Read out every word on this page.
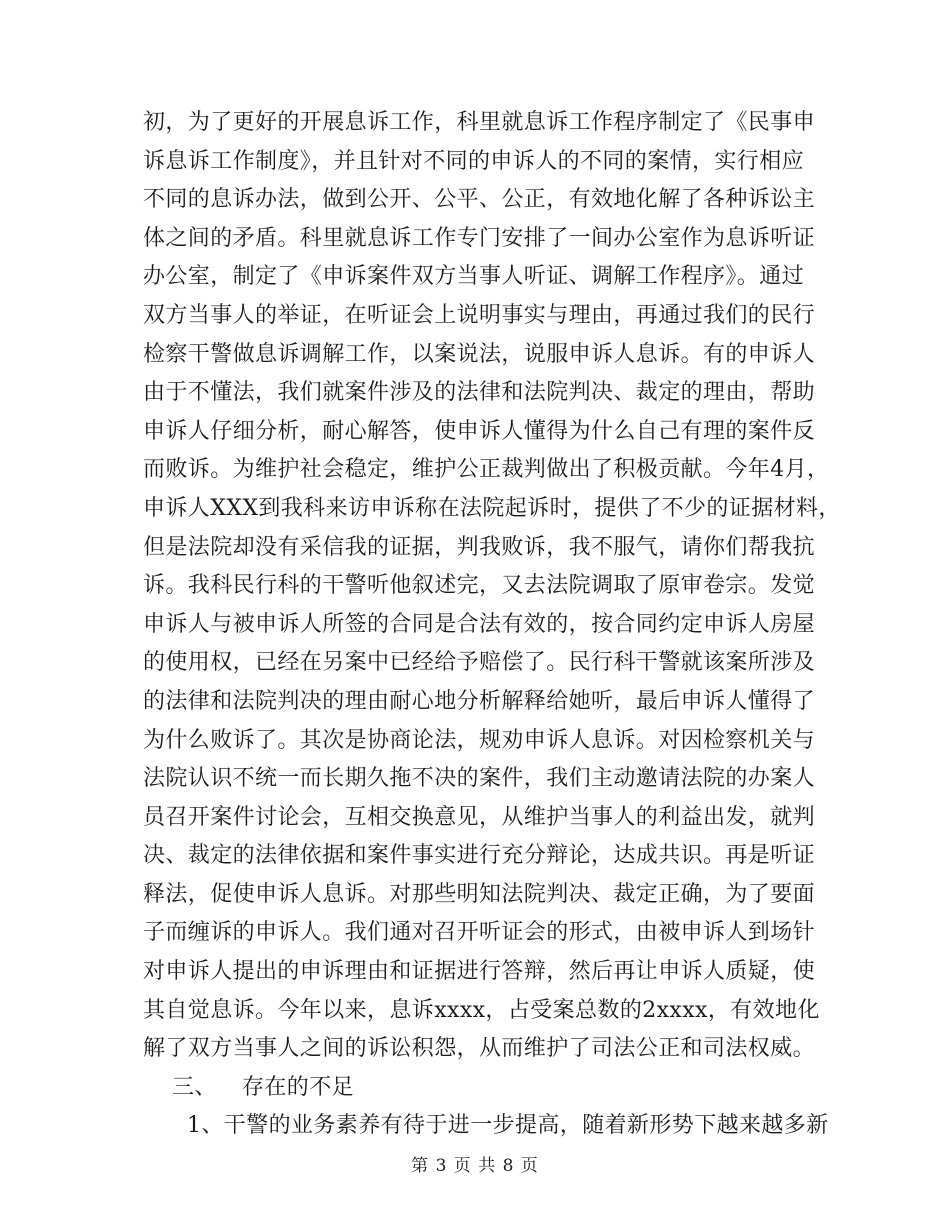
初，为了更好的开展息诉工作，科里就息诉工作程序制定了《民事申
诉息诉工作制度》，并且针对不同的申诉人的不同的案情，实行相应
不同的息诉办法，做到公开、公平、公正，有效地化解了各种诉讼主
体之间的矛盾。科里就息诉工作专门安排了一间办公室作为息诉听证
办公室，制定了《申诉案件双方当事人听证、调解工作程序》。通过
双方当事人的举证，在听证会上说明事实与理由，再通过我们的民行
检察干警做息诉调解工作，以案说法，说服申诉人息诉。有的申诉人
由于不懂法，我们就案件涉及的法律和法院判决、裁定的理由，帮助
申诉人仔细分析，耐心解答，使申诉人懂得为什么自己有理的案件反
而败诉。为维护社会稳定，维护公正裁判做出了积极贡献。今年4月，
申诉人XXX到我科来访申诉称在法院起诉时，提供了不少的证据材料，
但是法院却没有采信我的证据，判我败诉，我不服气，请你们帮我抗
诉。我科民行科的干警听他叙述完，又去法院调取了原审卷宗。发觉
申诉人与被申诉人所签的合同是合法有效的，按合同约定申诉人房屋
的使用权，已经在另案中已经给予赔偿了。民行科干警就该案所涉及
的法律和法院判决的理由耐心地分析解释给她听，最后申诉人懂得了
为什么败诉了。其次是协商论法，规劝申诉人息诉。对因检察机关与
法院认识不统一而长期久拖不决的案件，我们主动邀请法院的办案人
员召开案件讨论会，互相交换意见，从维护当事人的利益出发，就判
决、裁定的法律依据和案件事实进行充分辩论，达成共识。再是听证
释法，促使申诉人息诉。对那些明知法院判决、裁定正确，为了要面
子而缠诉的申诉人。我们通对召开听证会的形式，由被申诉人到场针
对申诉人提出的申诉理由和证据进行答辩，然后再让申诉人质疑，使
其自觉息诉。今年以来，息诉xxxx，占受案总数的2xxxx，有效地化
解了双方当事人之间的诉讼积怨，从而维护了司法公正和司法权威。
三、 存在的不足
1、干警的业务素养有待于进一步提高，随着新形势下越来越多新
第 3 页 共 8 页
